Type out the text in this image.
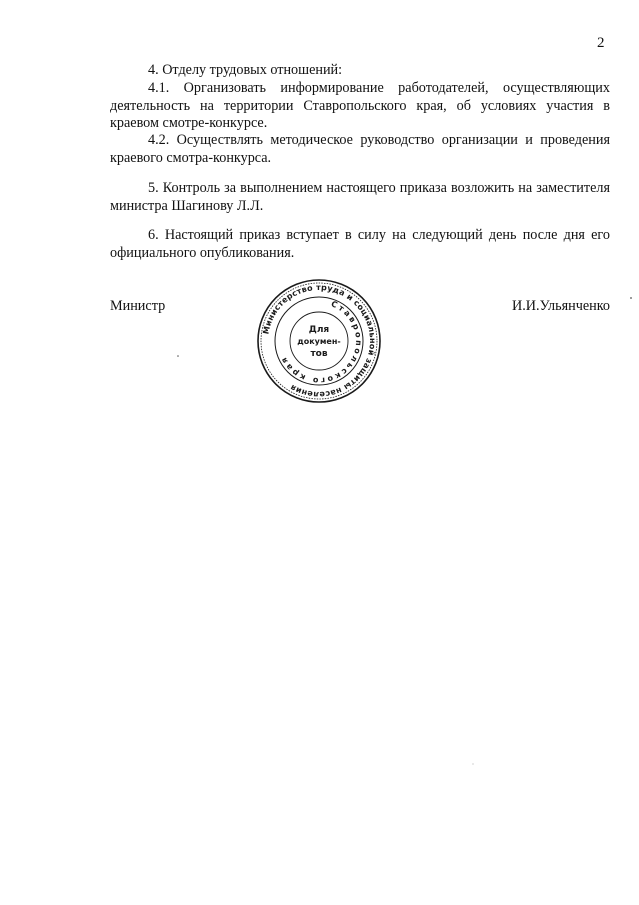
2

4. Отделу трудовых отношений:

4.1. Организовать информирование работодателей, осуществляющих деятельность на территории Ставропольского края, об условиях участия в краевом смотре-конкурсе.

4.2. Осуществлять методическое руководство организации и проведения краевого смотра-конкурса.

5. Контроль за выполнением настоящего приказа возложить на заместителя министра Шагинову Л.Л.

6. Настоящий приказ вступает в силу на следующий день после дня его официального опубликования.

Министр	И.И.Ульянченко
Министерство труда и социальной защиты населения
Ставропольского края
Для
докумен-
тов
